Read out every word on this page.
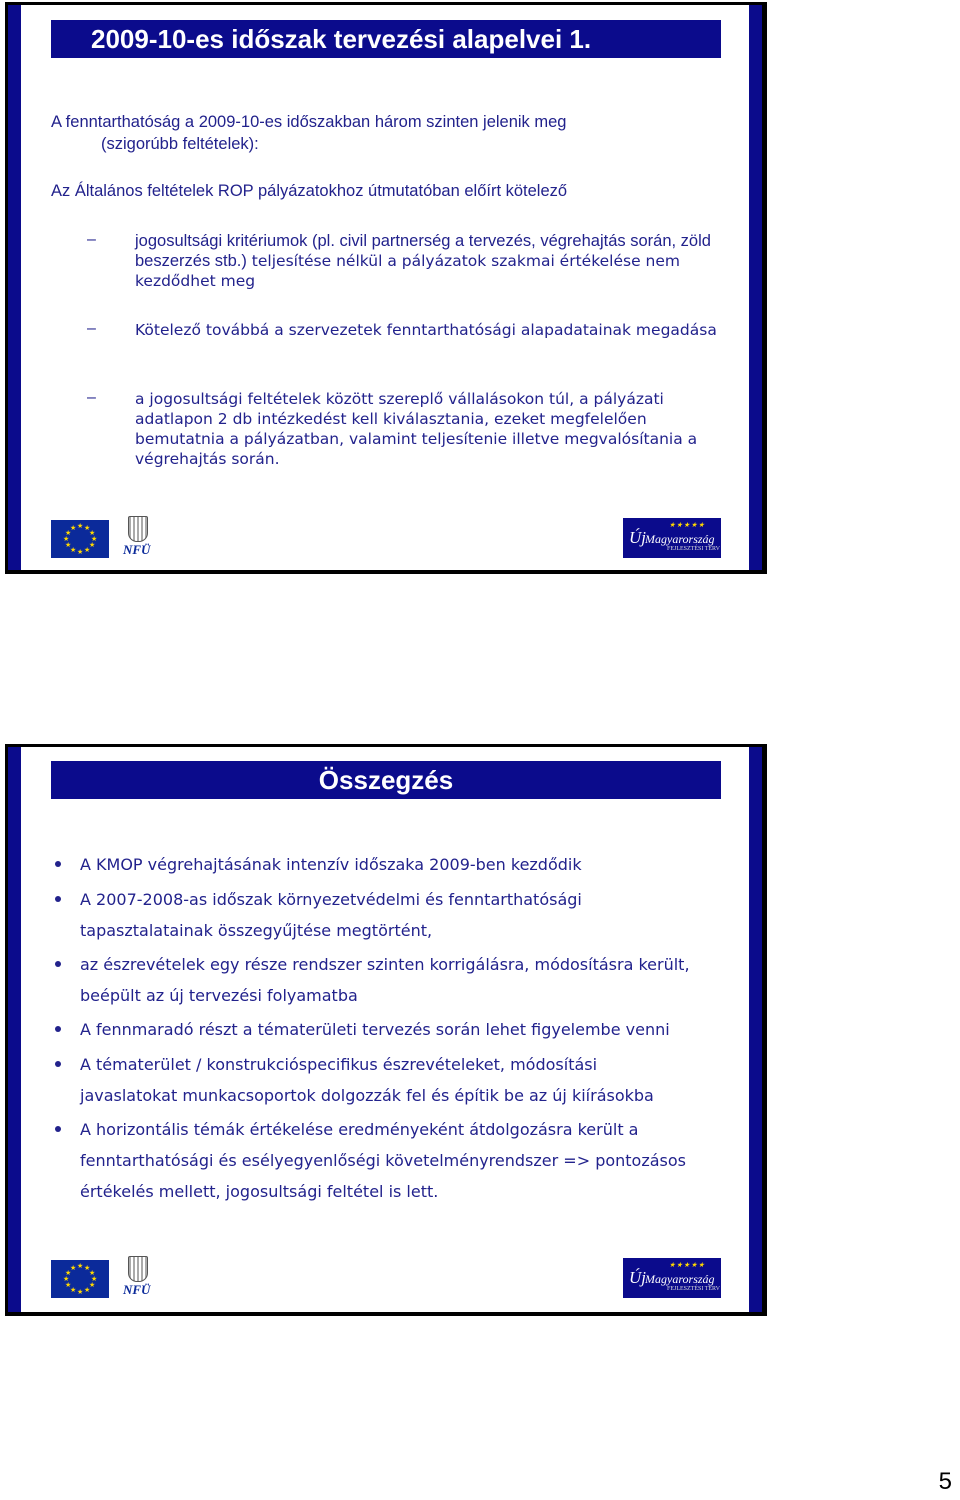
2009-10-es időszak tervezési alapelvei 1.
A fenntarthatóság a 2009-10-es időszakban három szinten jelenik meg
(szigorúbb feltételek):
Az Általános feltételek ROP pályázatokhoz útmutatóban előírt kötelező
– jogosultsági kritériumok (pl. civil partnerség a tervezés, végrehajtás során, zöld beszerzés stb.) teljesítése nélkül a pályázatok szakmai értékelése nem kezdődhet meg
–	Kötelező továbbá a szervezetek fenntarthatósági alapadatainak megadása
–	a jogosultsági feltételek között szereplő vállalásokon túl, a pályázati adatlapon 2 db intézkedést kell kiválasztania, ezeket megfelelően bemutatnia a pályázatban, valamint teljesítenie illetve megvalósítania a végrehajtás során.
★ ★
★
★
★
★
★
★
★
★
★
★
NFÜ
★★★★★
Új Magyarország
FEJLESZTÉSI TERV
Összegzés
A KMOP végrehajtásának intenzív időszaka 2009-ben kezdődik
A 2007-2008-as időszak környezetvédelmi és fenntarthatósági tapasztalatainak összegyűjtése megtörtént,
az észrevételek egy része rendszer szinten korrigálásra, módosításra került, beépült az új tervezési folyamatba
A fennmaradó részt a tématerületi tervezés során lehet figyelembe venni
A tématerület / konstrukcióspecifikus észrevételeket, módosítási javaslatokat munkacsoportok dolgozzák fel és építik be az új kiírásokba
A horizontális témák értékelése eredményeként átdolgozásra került a fenntarthatósági és esélyegyenlőségi követelményrendszer => pontozásos értékelés mellett, jogosultsági feltétel is lett.
★ ★
★
★
★
★
★
★
★
★
★
★
NFÜ
★★★★★
Új Magyarország
FEJLESZTÉSI TERV
5
